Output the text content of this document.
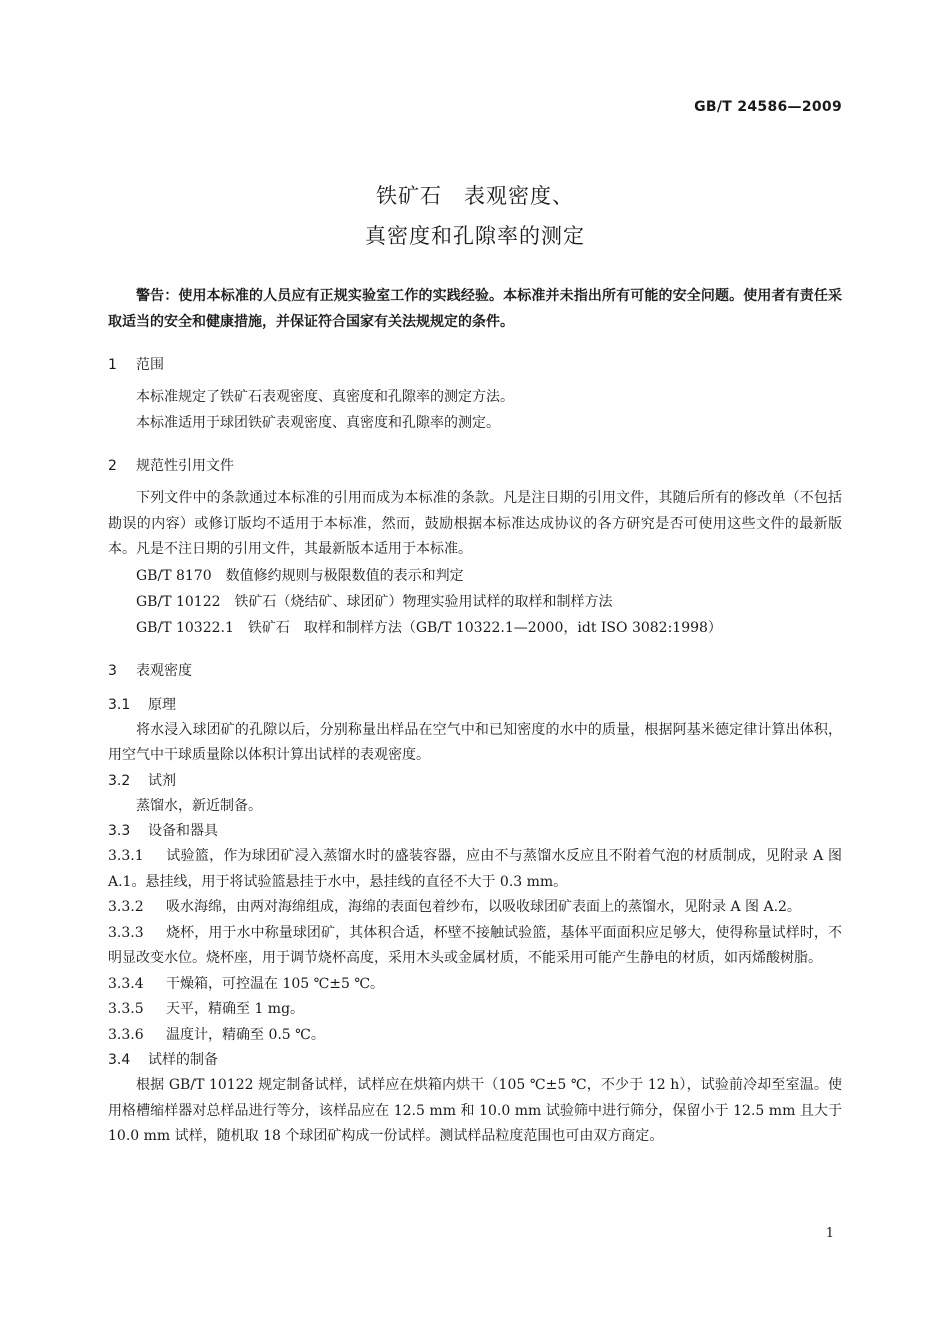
GB/T 24586—2009
铁矿石　表观密度、
真密度和孔隙率的测定

警告：使用本标准的人员应有正规实验室工作的实践经验。本标准并未指出所有可能的安全问题。使用者有责任采取适当的安全和健康措施，并保证符合国家有关法规规定的条件。

1 范围

本标准规定了铁矿石表观密度、真密度和孔隙率的测定方法。

本标准适用于球团铁矿表观密度、真密度和孔隙率的测定。

2 规范性引用文件

下列文件中的条款通过本标准的引用而成为本标准的条款。凡是注日期的引用文件，其随后所有的修改单（不包括勘误的内容）或修订版均不适用于本标准，然而，鼓励根据本标准达成协议的各方研究是否可使用这些文件的最新版本。凡是不注日期的引用文件，其最新版本适用于本标准。

GB/T 8170 数值修约规则与极限数值的表示和判定
GB/T 10122 铁矿石（烧结矿、球团矿）物理实验用试样的取样和制样方法
GB/T 10322.1 铁矿石　取样和制样方法（GB/T 10322.1—2000，idt ISO 3082:1998）
3 表观密度
3.1 原理

将水浸入球团矿的孔隙以后，分别称量出样品在空气中和已知密度的水中的质量，根据阿基米德定律计算出体积，用空气中干球质量除以体积计算出试样的表观密度。

3.2 试剂

蒸馏水，新近制备。

3.3 设备和器具

3.3.1 试验篮，作为球团矿浸入蒸馏水时的盛装容器，应由不与蒸馏水反应且不附着气泡的材质制成，见附录 A 图 A.1。悬挂线，用于将试验篮悬挂于水中，悬挂线的直径不大于 0.3 mm。

3.3.2 吸水海绵，由两对海绵组成，海绵的表面包着纱布，以吸收球团矿表面上的蒸馏水，见附录 A 图 A.2。

3.3.3 烧杯，用于水中称量球团矿，其体积合适，杯壁不接触试验篮，基体平面面积应足够大，使得称量试样时，不明显改变水位。烧杯座，用于调节烧杯高度，采用木头或金属材质，不能采用可能产生静电的材质，如丙烯酸树脂。

3.3.4 干燥箱，可控温在 105 ℃±5 ℃。

3.3.5 天平，精确至 1 mg。

3.3.6 温度计，精确至 0.5 ℃。

3.4 试样的制备

根据 GB/T 10122 规定制备试样，试样应在烘箱内烘干（105 ℃±5 ℃，不少于 12 h），试验前冷却至室温。使用格槽缩样器对总样品进行等分，该样品应在 12.5 mm 和 10.0 mm 试验筛中进行筛分，保留小于 12.5 mm 且大于 10.0 mm 试样，随机取 18 个球团矿构成一份试样。测试样品粒度范围也可由双方商定。

1
